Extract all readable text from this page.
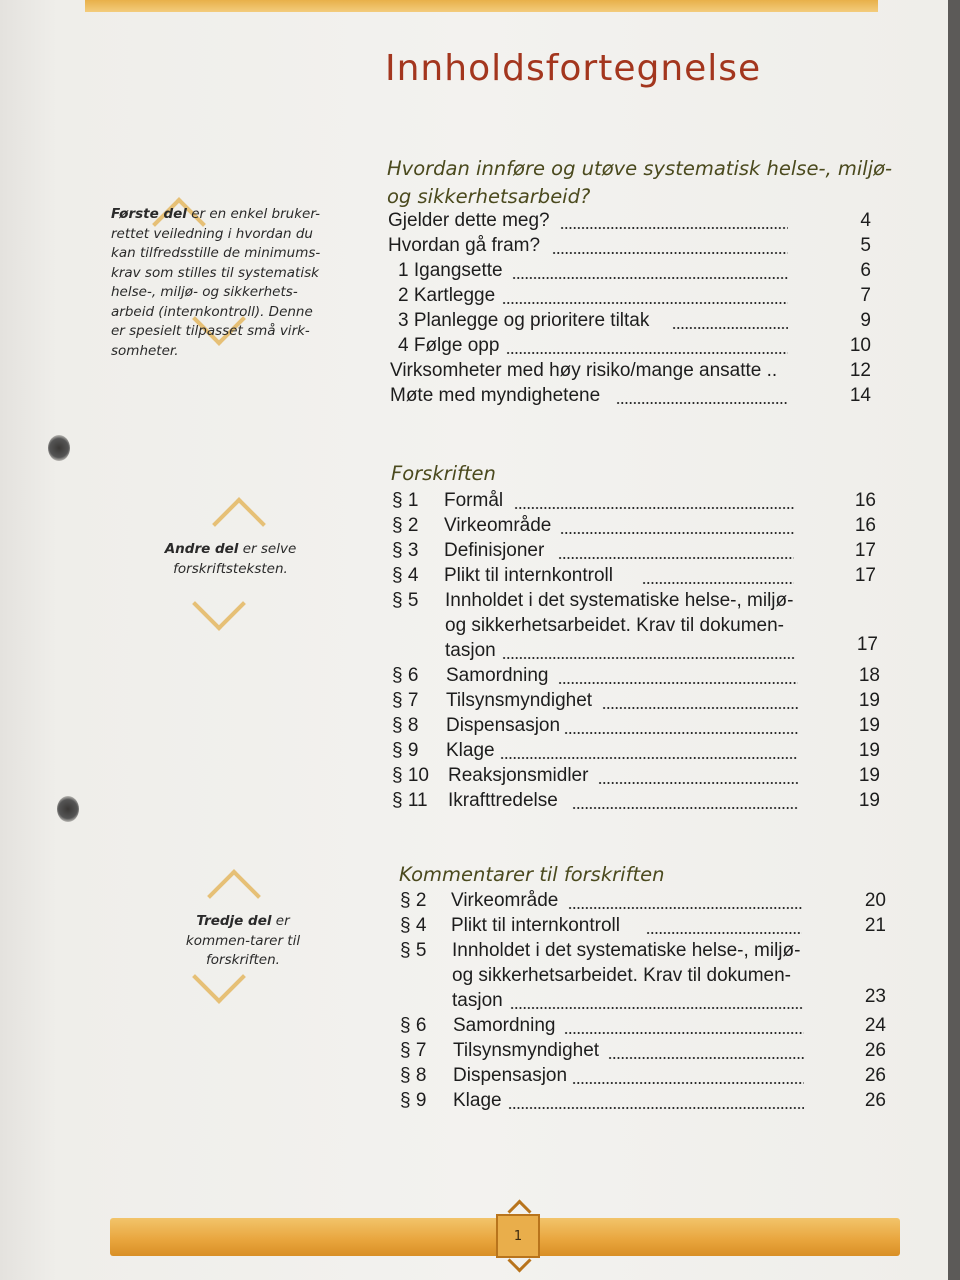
Innholdsfortegnelse
Første del er en enkel bruker-rettet veiledning i hvordan du kan tilfredsstille de minimums-krav som stilles til systematisk helse-, miljø- og sikkerhets-arbeid (internkontroll). Denne er spesielt tilpasset små virk-somheter.
Andre del er selve forskriftsteksten.
Tredje del er kommen-tarer til forskriften.
Hvordan innføre og utøve systematisk helse-, miljø-
og sikkerhetsarbeid?
Gjelder dette meg?	4
Hvordan gå fram?	5
1 Igangsette	6
2 Kartlegge	7
3 Planlegge og prioritere tiltak	9
4 Følge opp	10
Virksomheter med høy risiko/mange ansatte ..	12
Møte med myndighetene	14
Forskriften
§ 1 Formål	16
§ 2 Virkeområde	16
§ 3 Definisjoner	17
§ 4 Plikt til internkontroll	17
§ 5 Innholdet i det systematiske helse-, miljø-
og sikkerhetsarbeidet. Krav til dokumen-
tasjon	17
§ 6 Samordning	18
§ 7 Tilsynsmyndighet	19
§ 8 Dispensasjon	19
§ 9 Klage	19
§ 10 Reaksjonsmidler	19
§ 11 Ikrafttredelse	19
Kommentarer til forskriften
§ 2 Virkeområde	20
§ 4 Plikt til internkontroll	21
§ 5 Innholdet i det systematiske helse-, miljø-
og sikkerhetsarbeidet. Krav til dokumen-
tasjon	23
§ 6 Samordning	24
§ 7 Tilsynsmyndighet	26
§ 8 Dispensasjon	26
§ 9 Klage	26
1
